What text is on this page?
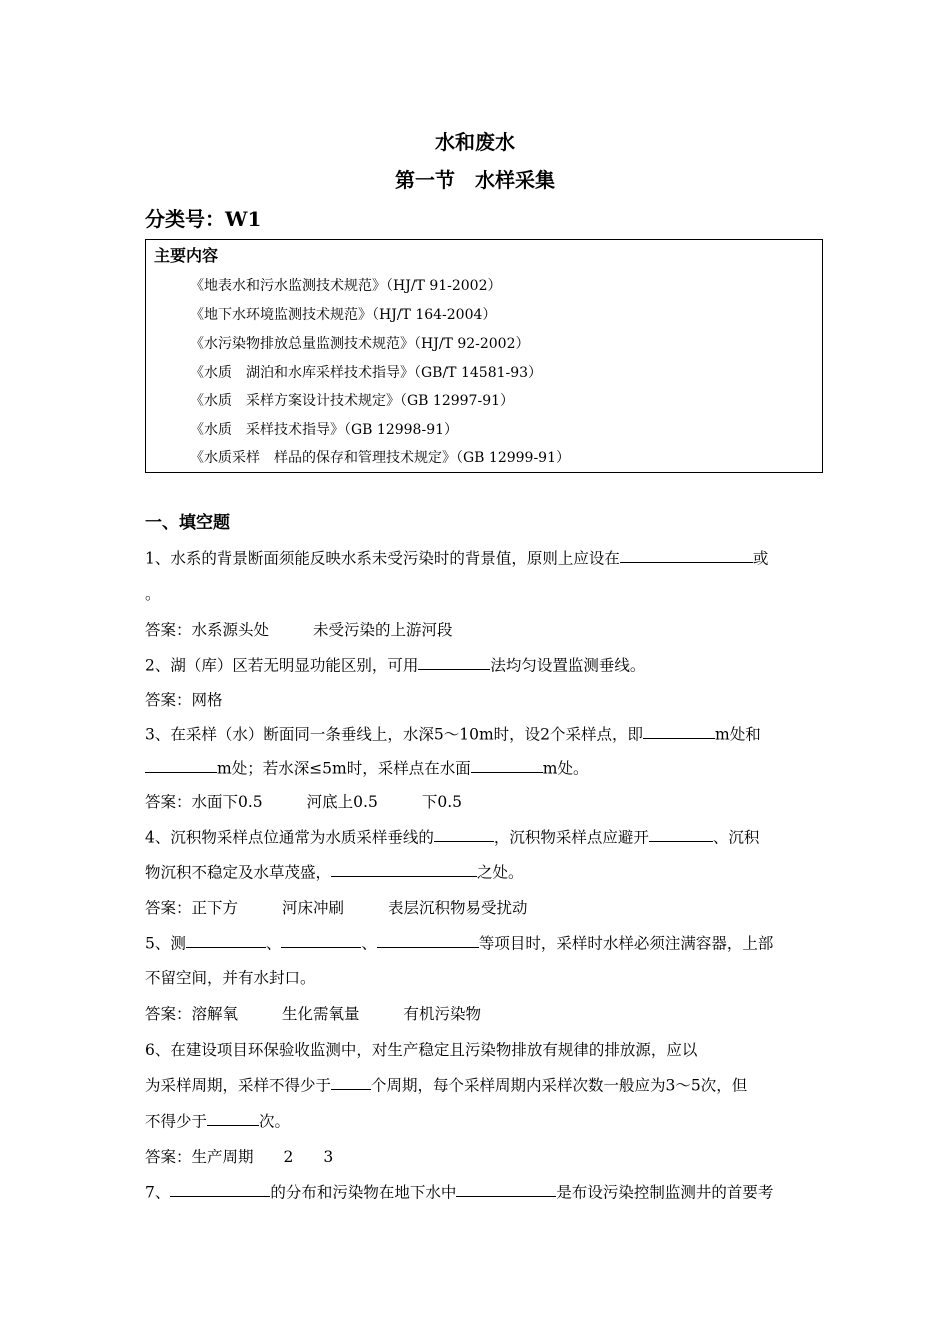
水和废水
第一节　水样采集
分类号：W1
主要内容
《地表水和污水监测技术规范》（HJ/T 91-2002）
《地下水环境监测技术规范》（HJ/T 164-2004）
《水污染物排放总量监测技术规范》（HJ/T 92-2002）
《水质　湖泊和水库采样技术指导》（GB/T 14581-93）
《水质　采样方案设计技术规定》（GB 12997-91）
《水质　采样技术指导》（GB 12998-91）
《水质采样　样品的保存和管理技术规定》（GB 12999-91）
一、填空题
1、水系的背景断面须能反映水系未受污染时的背景值，原则上应设在	或
。
答案：水系源头处	未受污染的上游河段
2、湖（库）区若无明显功能区别，可用	法均匀设置监测垂线。
答案：网格
3、在采样（水）断面同一条垂线上，水深5～10m时，设2个采样点，即	m处和
m处；若水深≤5m时，采样点在水面	m处。
答案：水面下0.5	河底上0.5	下0.5
4、沉积物采样点位通常为水质采样垂线的	，沉积物采样点应避开	、沉积
物沉积不稳定及水草茂盛，	之处。
答案：正下方	河床冲刷	表层沉积物易受扰动
5、测	、	、	等项目时，采样时水样必须注满容器，上部
不留空间，并有水封口。
答案：溶解氧	生化需氧量	有机污染物
6、在建设项目环保验收监测中，对生产稳定且污染物排放有规律的排放源，应以
为采样周期，采样不得少于	个周期，每个采样周期内采样次数一般应为3～5次，但
不得少于	次。
答案：生产周期 2 3
7、	的分布和污染物在地下水中	是布设污染控制监测井的首要考
